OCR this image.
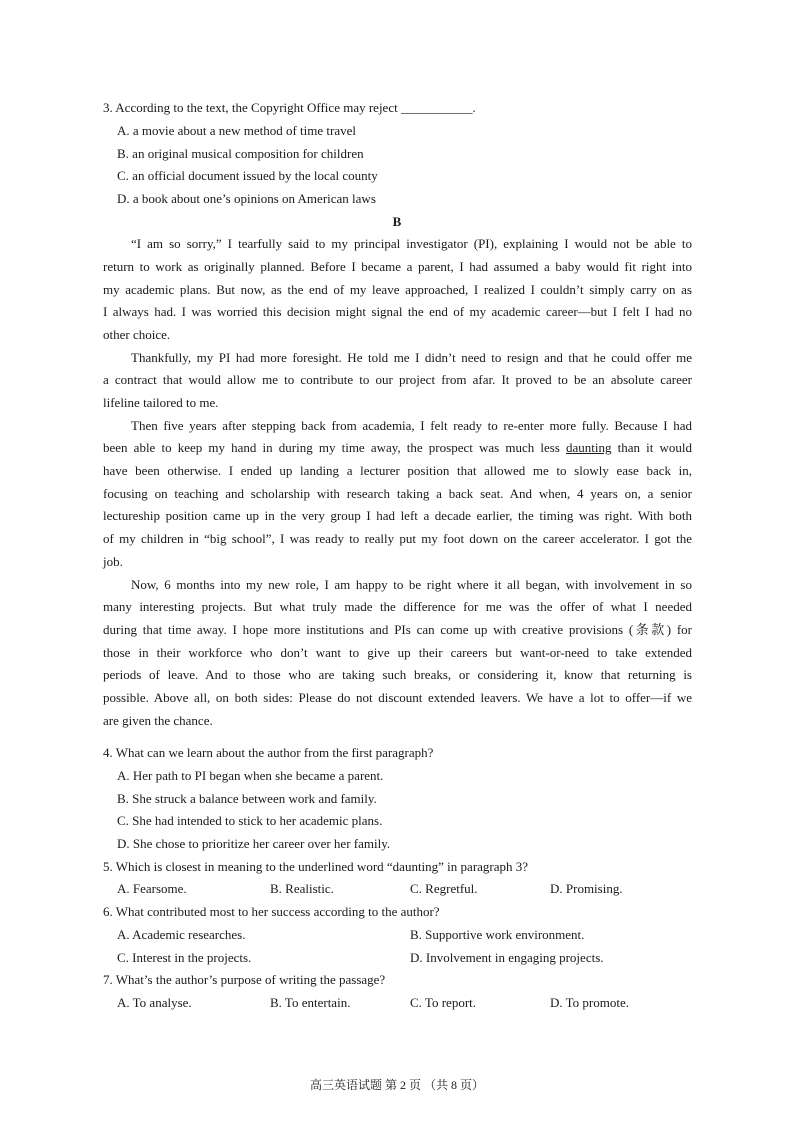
3. According to the text, the Copyright Office may reject ___________.
A. a movie about a new method of time travel
B. an original musical composition for children
C. an official document issued by the local county
D. a book about one’s opinions on American laws
B
“I am so sorry,” I tearfully said to my principal investigator (PI), explaining I would not be able to
return to work as originally planned. Before I became a parent, I had assumed a baby would fit right into
my academic plans. But now, as the end of my leave approached, I realized I couldn’t simply carry on as
I always had. I was worried this decision might signal the end of my academic career—but I felt I had no
other choice.
Thankfully, my PI had more foresight. He told me I didn’t need to resign and that he could offer me
a contract that would allow me to contribute to our project from afar. It proved to be an absolute career
lifeline tailored to me.
Then five years after stepping back from academia, I felt ready to re-enter more fully. Because I had
been able to keep my hand in during my time away, the prospect was much less daunting than it would
have been otherwise. I ended up landing a lecturer position that allowed me to slowly ease back in,
focusing on teaching and scholarship with research taking a back seat. And when, 4 years on, a senior
lectureship position came up in the very group I had left a decade earlier, the timing was right. With both
of my children in “big school”, I was ready to really put my foot down on the career accelerator. I got the
job.
Now, 6 months into my new role, I am happy to be right where it all began, with involvement in so
many interesting projects. But what truly made the difference for me was the offer of what I needed
during that time away. I hope more institutions and PIs can come up with creative provisions (条款) for
those in their workforce who don’t want to give up their careers but want-or-need to take extended
periods of leave. And to those who are taking such breaks, or considering it, know that returning is
possible. Above all, on both sides: Please do not discount extended leavers. We have a lot to offer—if we
are given the chance.
4. What can we learn about the author from the first paragraph?
A. Her path to PI began when she became a parent.
B. She struck a balance between work and family.
C. She had intended to stick to her academic plans.
D. She chose to prioritize her career over her family.
5. Which is closest in meaning to the underlined word “daunting” in paragraph 3?
A. Fearsome.	B. Realistic.	C. Regretful.	D. Promising.
6. What contributed most to her success according to the author?
A. Academic researches.	B. Supportive work environment.
C. Interest in the projects.	D. Involvement in engaging projects.
7. What’s the author’s purpose of writing the passage?
A. To analyse.	B. To entertain.	C. To report.	D. To promote.
高三英语试题 第 2 页 （共 8 页）
